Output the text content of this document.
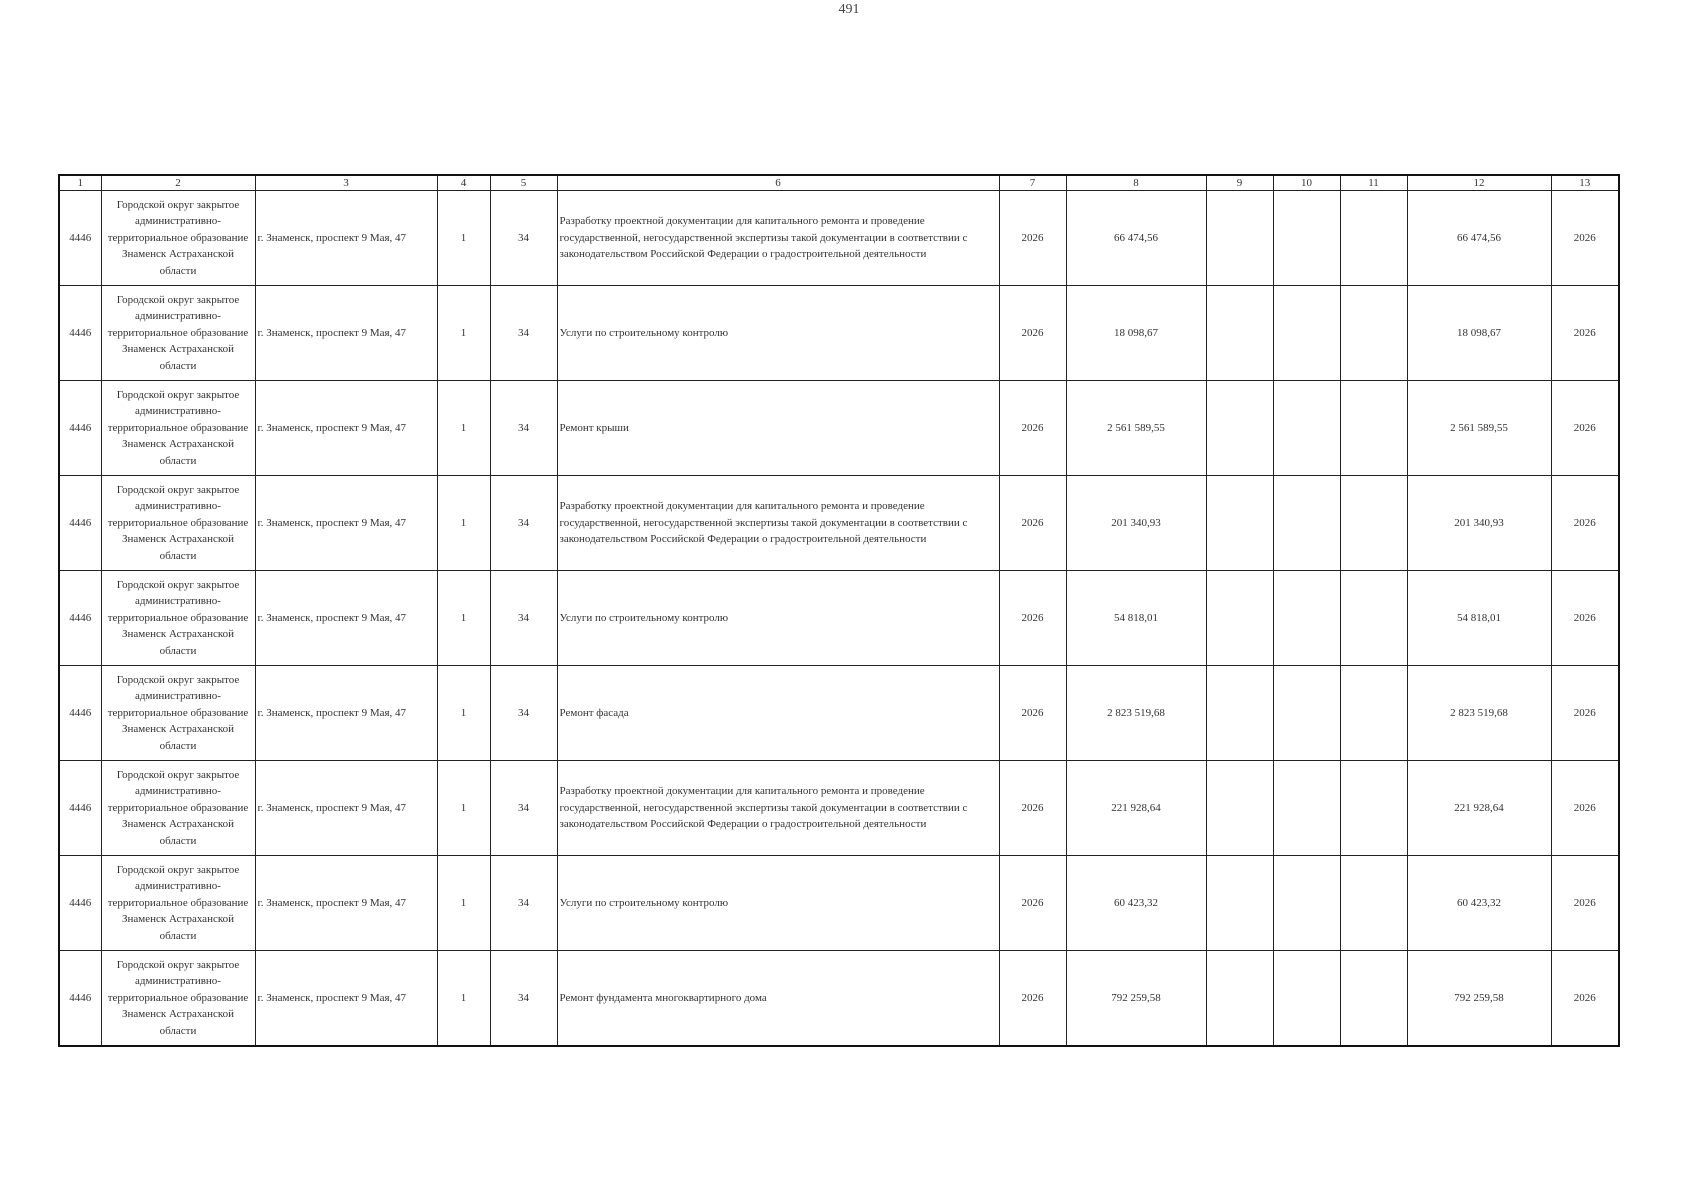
491
1	2	3	4	5	6	7	8	9	10	11	12	13
4446	Городской округ закрытое административно-территориальное образование Знаменск Астраханской области	г. Знаменск, проспект 9 Мая, 47	1	34	Разработку проектной документации для капитального ремонта и проведение государственной, негосударственной экспертизы такой документации в соответствии с законодательством Российской Федерации о градостроительной деятельности	2026	66 474,56				66 474,56	2026
4446	Городской округ закрытое административно-территориальное образование Знаменск Астраханской области	г. Знаменск, проспект 9 Мая, 47	1	34	Услуги по строительному контролю	2026	18 098,67				18 098,67	2026
4446	Городской округ закрытое административно-территориальное образование Знаменск Астраханской области	г. Знаменск, проспект 9 Мая, 47	1	34	Ремонт крыши	2026	2 561 589,55				2 561 589,55	2026
4446	Городской округ закрытое административно-территориальное образование Знаменск Астраханской области	г. Знаменск, проспект 9 Мая, 47	1	34	Разработку проектной документации для капитального ремонта и проведение государственной, негосударственной экспертизы такой документации в соответствии с законодательством Российской Федерации о градостроительной деятельности	2026	201 340,93				201 340,93	2026
4446	Городской округ закрытое административно-территориальное образование Знаменск Астраханской области	г. Знаменск, проспект 9 Мая, 47	1	34	Услуги по строительному контролю	2026	54 818,01				54 818,01	2026
4446	Городской округ закрытое административно-территориальное образование Знаменск Астраханской области	г. Знаменск, проспект 9 Мая, 47	1	34	Ремонт фасада	2026	2 823 519,68				2 823 519,68	2026
4446	Городской округ закрытое административно-территориальное образование Знаменск Астраханской области	г. Знаменск, проспект 9 Мая, 47	1	34	Разработку проектной документации для капитального ремонта и проведение государственной, негосударственной экспертизы такой документации в соответствии с законодательством Российской Федерации о градостроительной деятельности	2026	221 928,64				221 928,64	2026
4446	Городской округ закрытое административно-территориальное образование Знаменск Астраханской области	г. Знаменск, проспект 9 Мая, 47	1	34	Услуги по строительному контролю	2026	60 423,32				60 423,32	2026
4446	Городской округ закрытое административно-территориальное образование Знаменск Астраханской области	г. Знаменск, проспект 9 Мая, 47	1	34	Ремонт фундамента многоквартирного дома	2026	792 259,58				792 259,58	2026
